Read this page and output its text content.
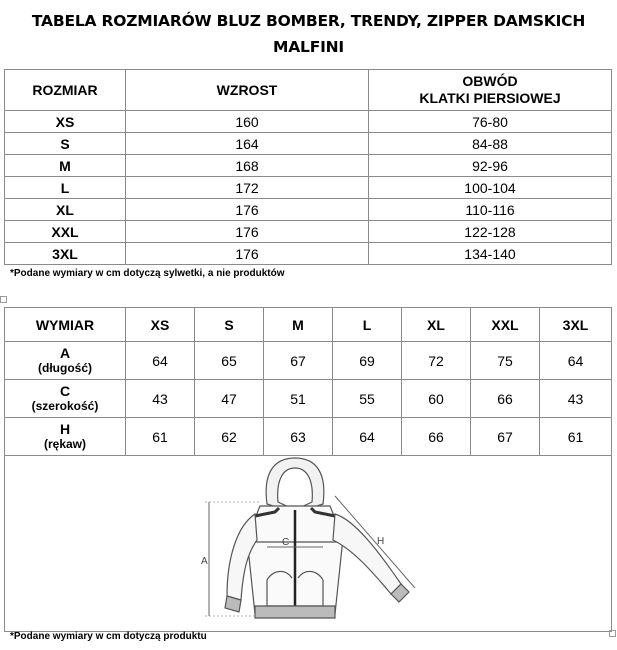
TABELA ROZMIARÓW BLUZ BOMBER, TRENDY, ZIPPER DAMSKICH
MALFINI
ROZMIAR	WZROST	OBWÓD
KLATKI PIERSIOWEJ
XS	160	76-80
S	164	84-88
M	168	92-96
L	172	100-104
XL	176	110-116
XXL	176	122-128
3XL	176	134-140
*Podane wymiary w cm dotyczą sylwetki, a nie produktów
WYMIAR	XS	S	M	L	XL	XXL	3XL
A
(długość)	64	65	67	69	72	75	64
C
(szerokość)	43	47	51	55	60	66	43
H
(rękaw)	61	62	63	64	66	67	61

A
C H							
*Podane wymiary w cm dotyczą produktu
